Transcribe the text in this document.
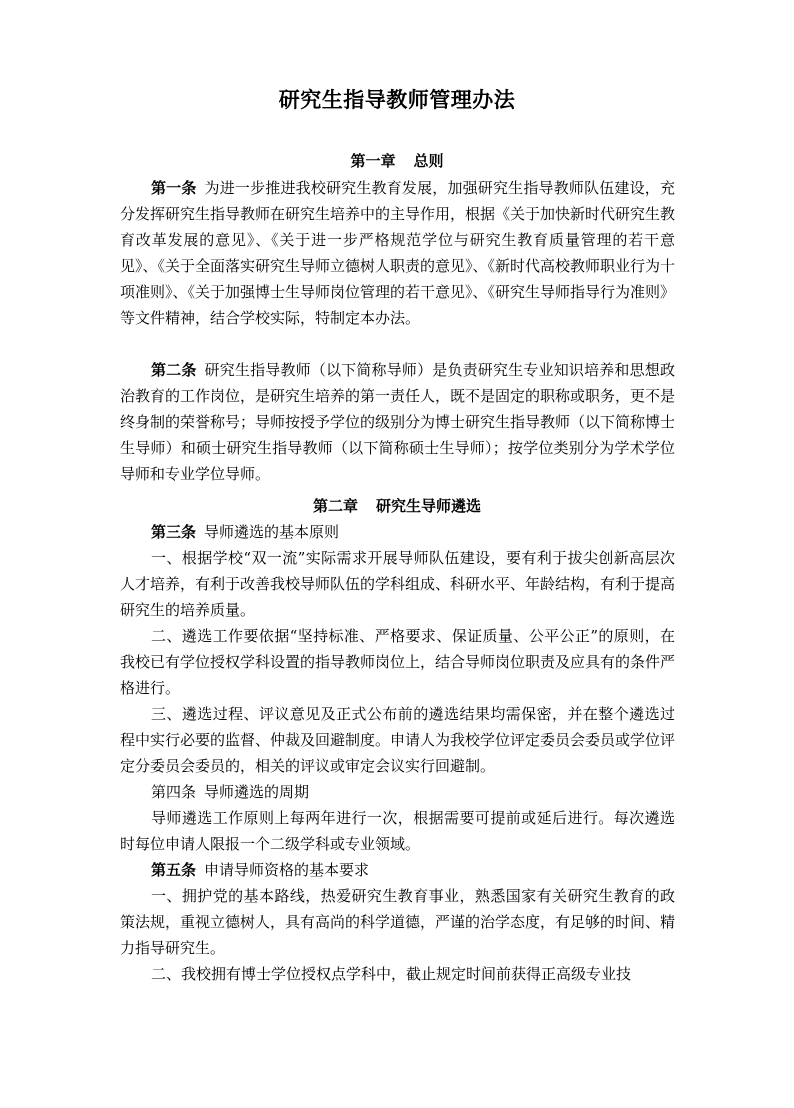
研究生指导教师管理办法
第一章 总则
第一条 为进一步推进我校研究生教育发展，加强研究生指导教师队伍建设，充分发挥研究生指导教师在研究生培养中的主导作用，根据《关于加快新时代研究生教育改革发展的意见》、《关于进一步严格规范学位与研究生教育质量管理的若干意见》、《关于全面落实研究生导师立德树人职责的意见》、《新时代高校教师职业行为十项准则》、《关于加强博士生导师岗位管理的若干意见》、《研究生导师指导行为准则》等文件精神，结合学校实际，特制定本办法。
第二条 研究生指导教师（以下简称导师）是负责研究生专业知识培养和思想政治教育的工作岗位，是研究生培养的第一责任人，既不是固定的职称或职务，更不是终身制的荣誉称号；导师按授予学位的级别分为博士研究生指导教师（以下简称博士生导师）和硕士研究生指导教师（以下简称硕士生导师）；按学位类别分为学术学位导师和专业学位导师。
第二章 研究生导师遴选
第三条 导师遴选的基本原则
一、根据学校“双一流”实际需求开展导师队伍建设，要有利于拔尖创新高层次人才培养，有利于改善我校导师队伍的学科组成、科研水平、年龄结构，有利于提高研究生的培养质量。
二、遴选工作要依据“坚持标准、严格要求、保证质量、公平公正”的原则，在我校已有学位授权学科设置的指导教师岗位上，结合导师岗位职责及应具有的条件严格进行。
三、遴选过程、评议意见及正式公布前的遴选结果均需保密，并在整个遴选过程中实行必要的监督、仲裁及回避制度。申请人为我校学位评定委员会委员或学位评定分委员会委员的，相关的评议或审定会议实行回避制。
第四条 导师遴选的周期
导师遴选工作原则上每两年进行一次，根据需要可提前或延后进行。每次遴选时每位申请人限报一个二级学科或专业领域。
第五条 申请导师资格的基本要求
一、拥护党的基本路线，热爱研究生教育事业，熟悉国家有关研究生教育的政策法规，重视立德树人，具有高尚的科学道德，严谨的治学态度，有足够的时间、精力指导研究生。
二、我校拥有博士学位授权点学科中，截止规定时间前获得正高级专业技
